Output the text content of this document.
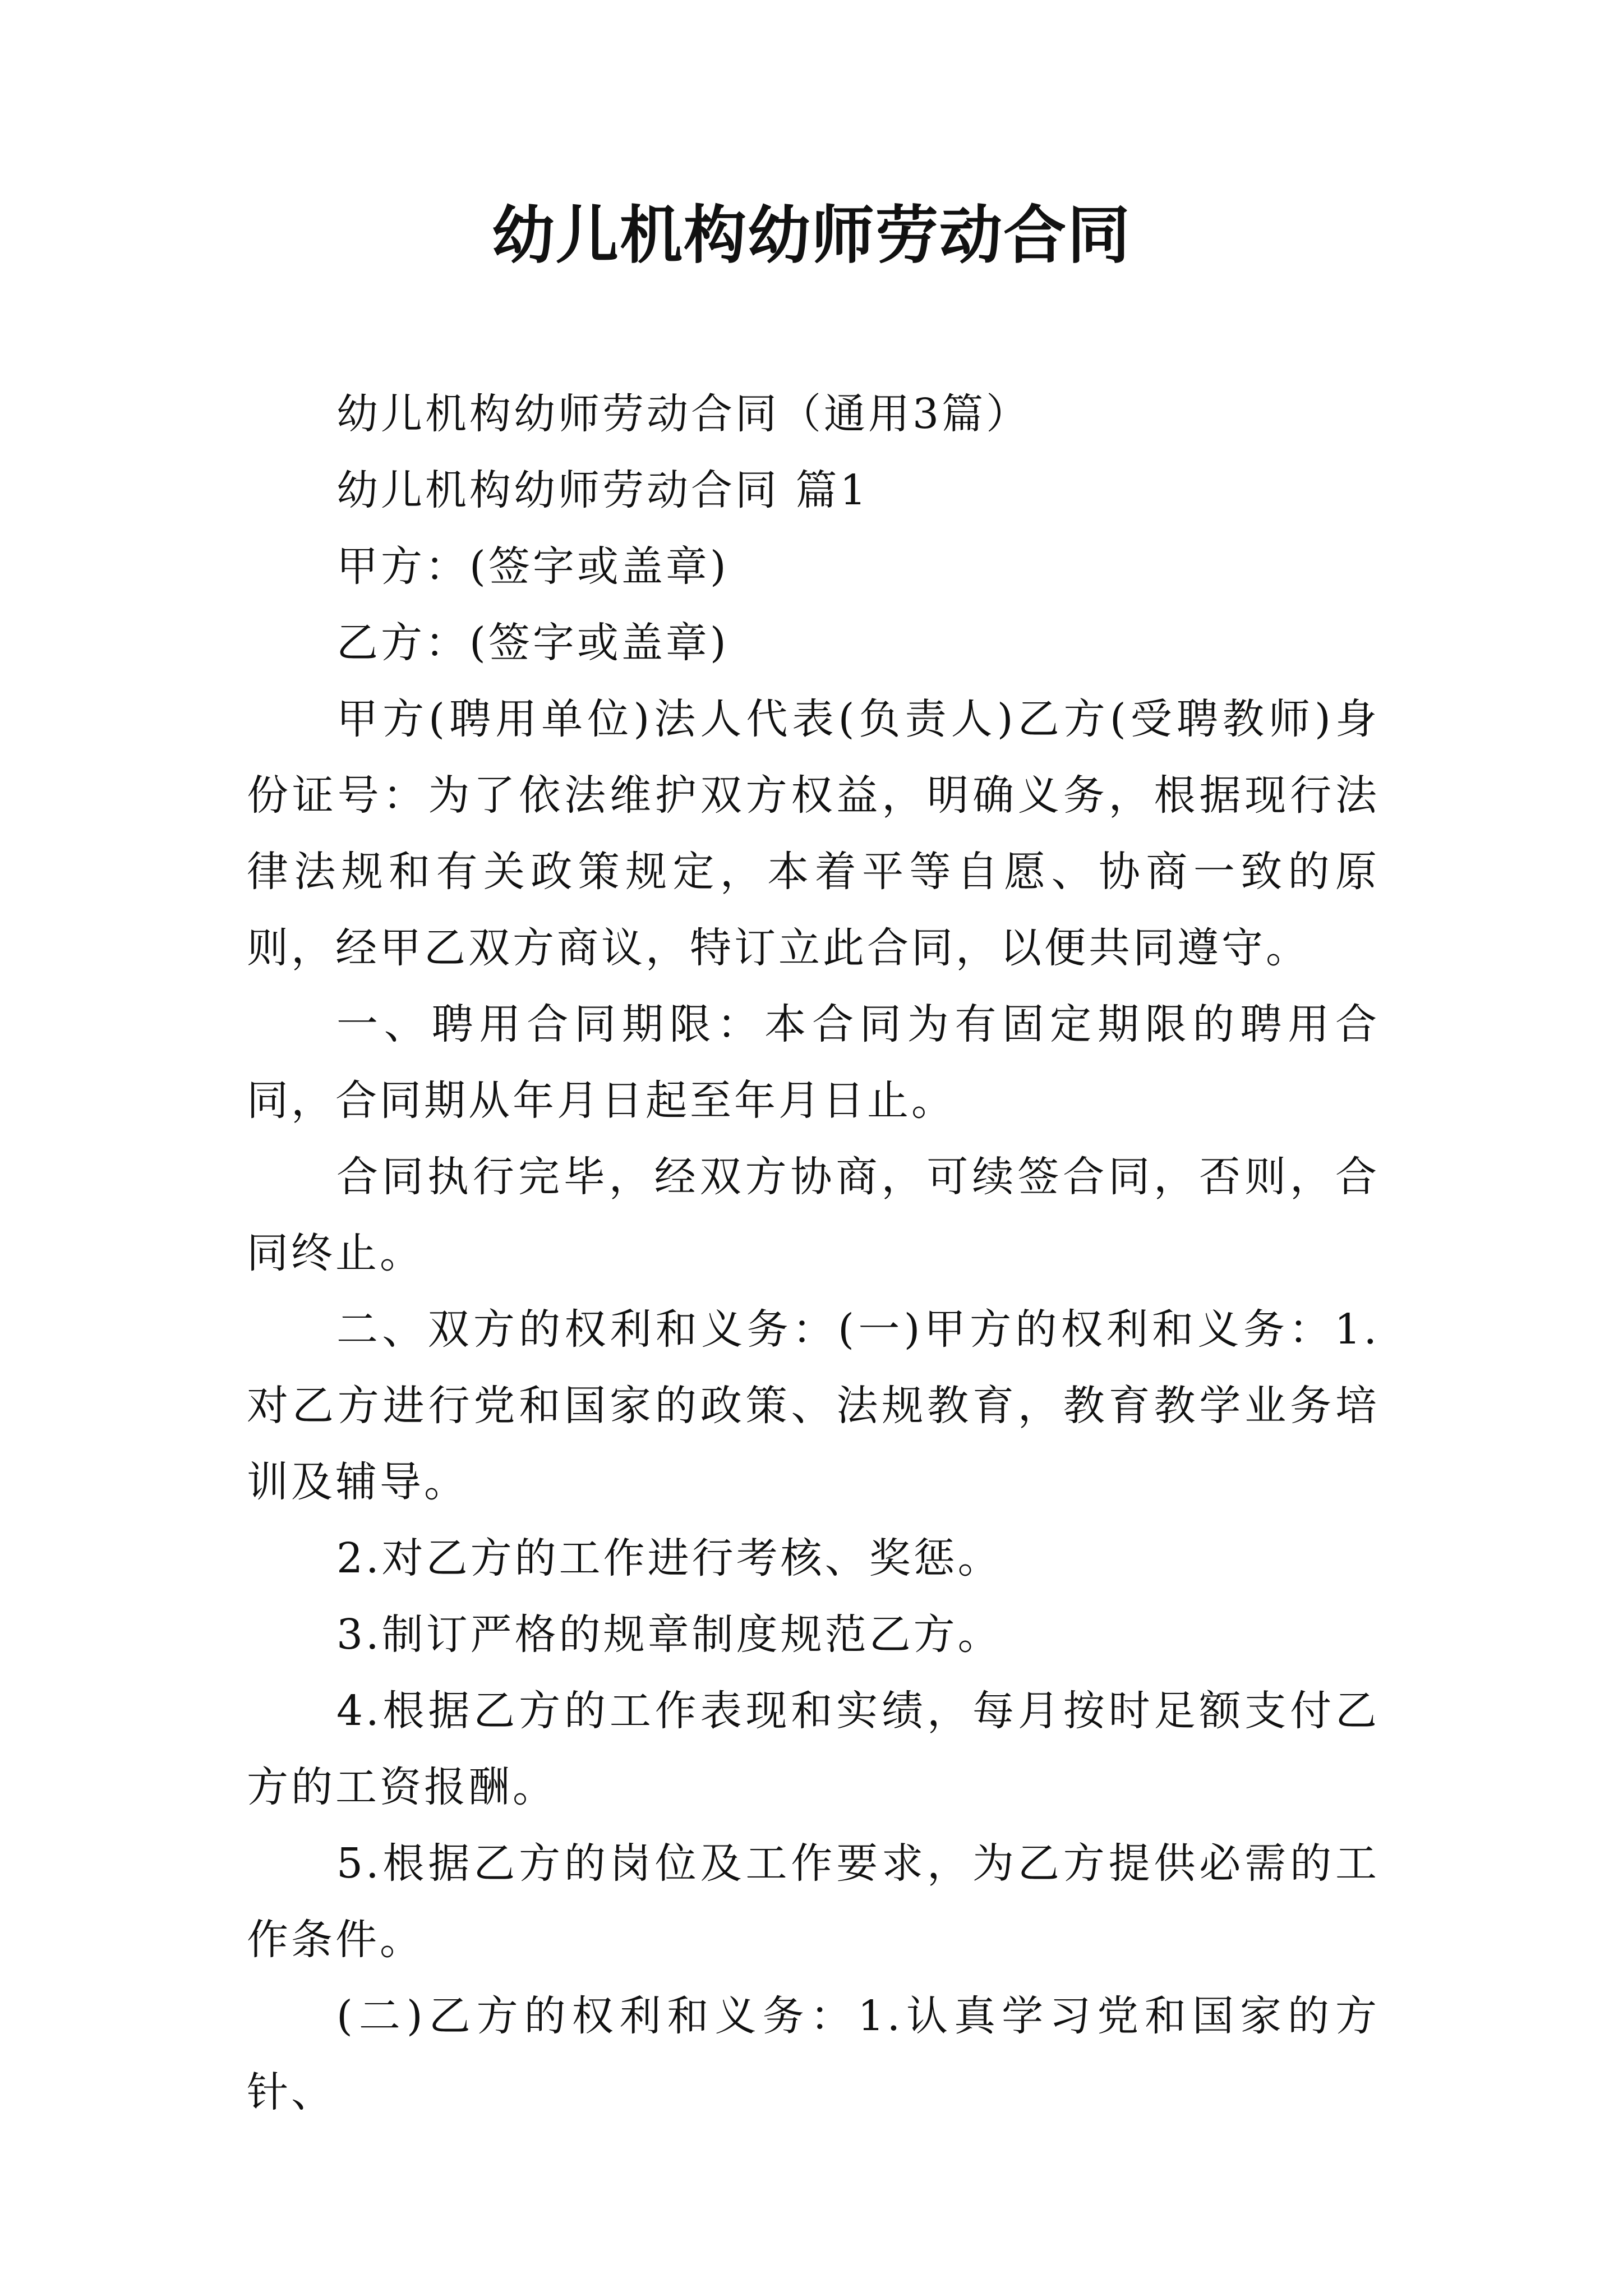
幼儿机构幼师劳动合同

幼儿机构幼师劳动合同（通用3篇）

幼儿机构幼师劳动合同 篇1

甲方：(签字或盖章)

乙方：(签字或盖章)

甲方(聘用单位)法人代表(负责人)乙方(受聘教师)身份证号：为了依法维护双方权益，明确义务，根据现行法律法规和有关政策规定，本着平等自愿、协商一致的原则，经甲乙双方商议，特订立此合同，以便共同遵守。

一、聘用合同期限：本合同为有固定期限的聘用合同，合同期从年月日起至年月日止。

合同执行完毕，经双方协商，可续签合同，否则，合同终止。

二、双方的权利和义务：(一)甲方的权利和义务：1.对乙方进行党和国家的政策、法规教育，教育教学业务培训及辅导。

2.对乙方的工作进行考核、奖惩。

3.制订严格的规章制度规范乙方。

4.根据乙方的工作表现和实绩，每月按时足额支付乙方的工资报酬。

5.根据乙方的岗位及工作要求，为乙方提供必需的工作条件。

(二)乙方的权利和义务：1.认真学习党和国家的方针、
